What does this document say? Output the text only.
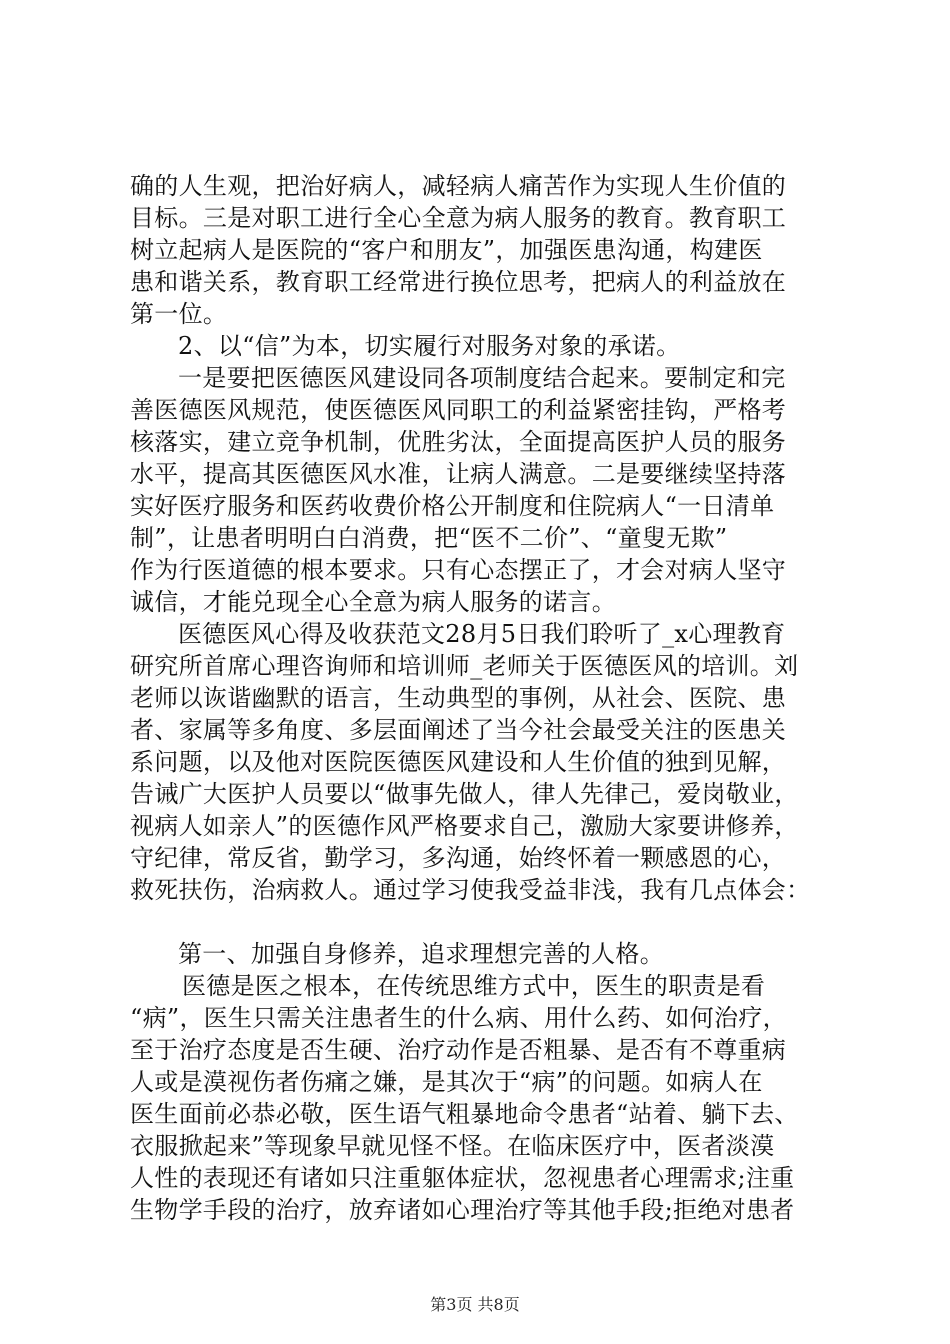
确的人生观，把治好病人，减轻病人痛苦作为实现人生价值的
目标。三是对职工进行全心全意为病人服务的教育。教育职工
树立起病人是医院的“客户和朋友”，加强医患沟通，构建医
患和谐关系，教育职工经常进行换位思考，把病人的利益放在
第一位。
2、以“信”为本，切实履行对服务对象的承诺。
一是要把医德医风建设同各项制度结合起来。要制定和完
善医德医风规范，使医德医风同职工的利益紧密挂钩，严格考
核落实，建立竞争机制，优胜劣汰，全面提高医护人员的服务
水平，提高其医德医风水准，让病人满意。二是要继续坚持落
实好医疗服务和医药收费价格公开制度和住院病人“一日清单
制”，让患者明明白白消费，把“医不二价”、“童叟无欺”
作为行医道德的根本要求。只有心态摆正了，才会对病人坚守
诚信，才能兑现全心全意为病人服务的诺言。
医德医风心得及收获范文28月5日我们聆听了_x心理教育
研究所首席心理咨询师和培训师_老师关于医德医风的培训。刘
老师以诙谐幽默的语言，生动典型的事例，从社会、医院、患
者、家属等多角度、多层面阐述了当今社会最受关注的医患关
系问题，以及他对医院医德医风建设和人生价值的独到见解，
告诫广大医护人员要以“做事先做人，律人先律己，爱岗敬业，
视病人如亲人”的医德作风严格要求自己，激励大家要讲修养，
守纪律，常反省，勤学习，多沟通，始终怀着一颗感恩的心，
救死扶伤，治病救人。通过学习使我受益非浅，我有几点体会：
第一、加强自身修养，追求理想完善的人格。
医德是医之根本，在传统思维方式中，医生的职责是看
“病”，医生只需关注患者生的什么病、用什么药、如何治疗，
至于治疗态度是否生硬、治疗动作是否粗暴、是否有不尊重病
人或是漠视伤者伤痛之嫌，是其次于“病”的问题。如病人在
医生面前必恭必敬，医生语气粗暴地命令患者“站着、躺下去、
衣服掀起来”等现象早就见怪不怪。在临床医疗中，医者淡漠
人性的表现还有诸如只注重躯体症状，忽视患者心理需求;注重
生物学手段的治疗，放弃诸如心理治疗等其他手段;拒绝对患者
第3页 共8页
